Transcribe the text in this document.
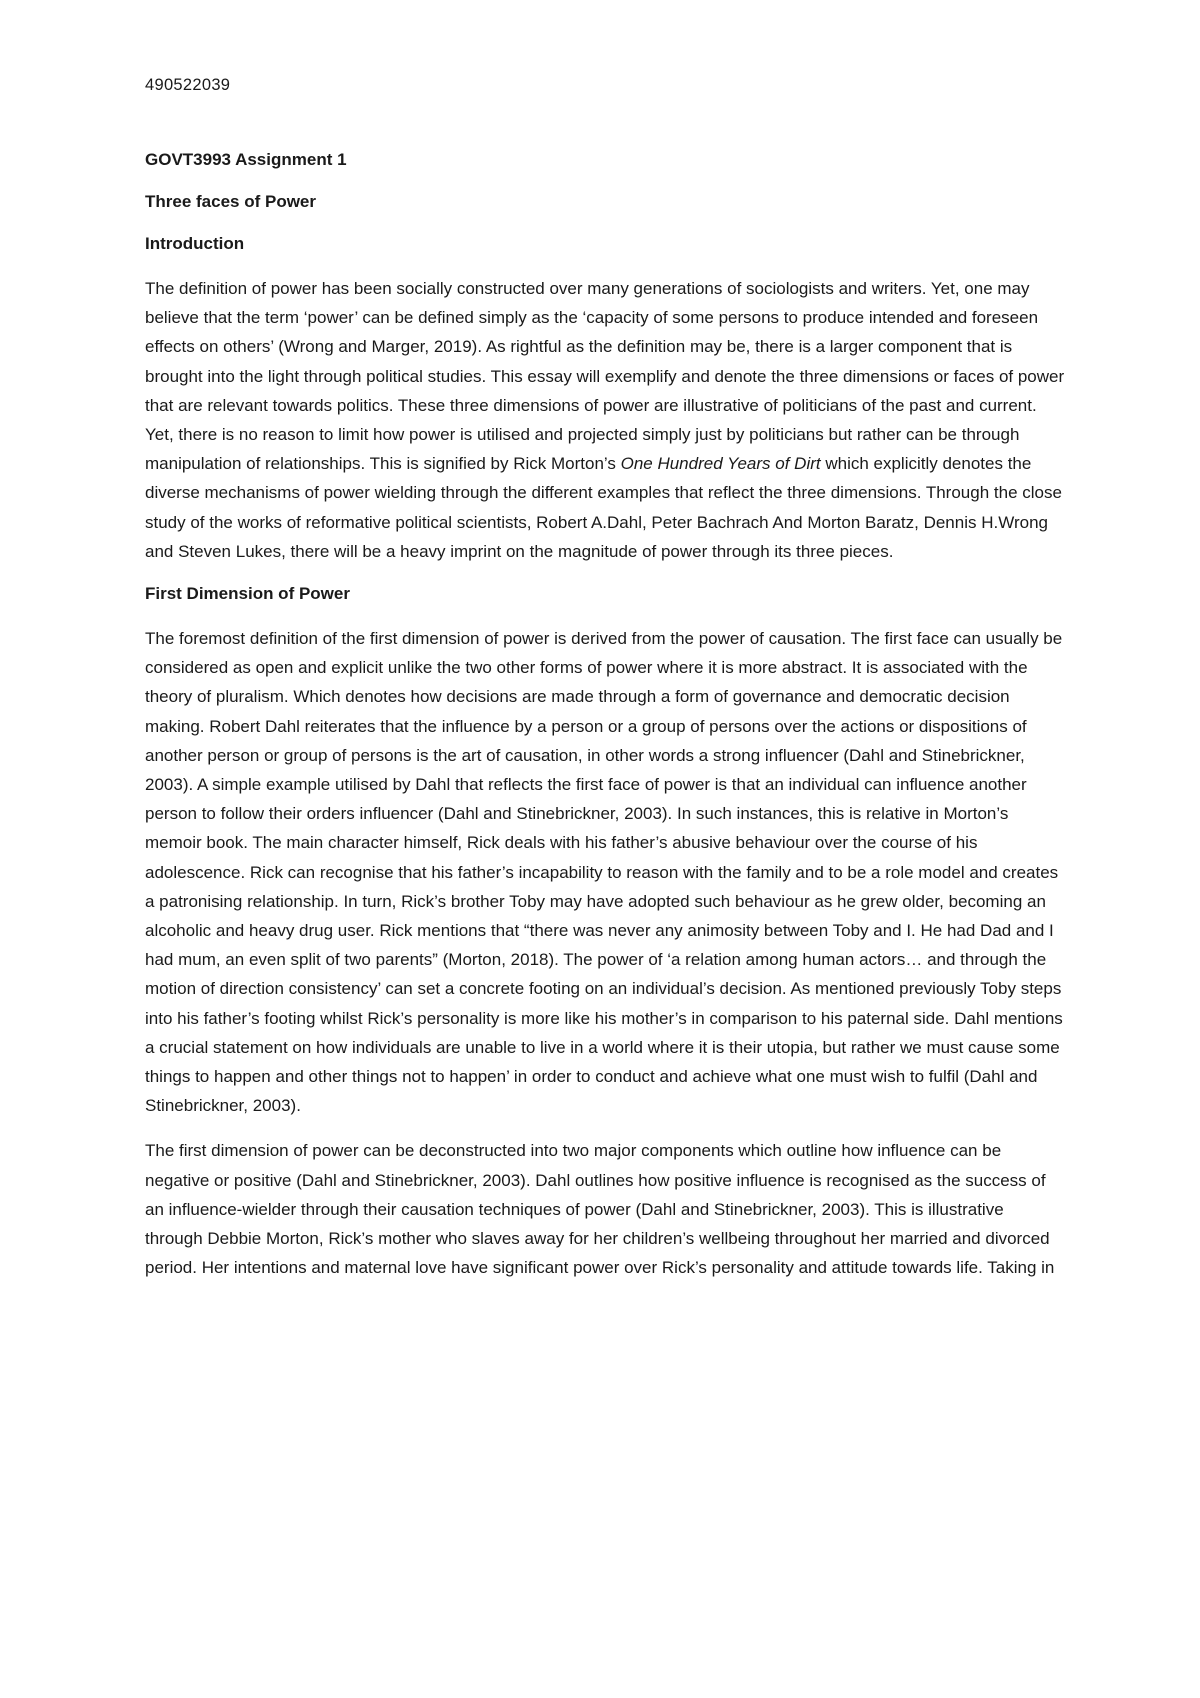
490522039
GOVT3993 Assignment 1
Three faces of Power
Introduction

The definition of power has been socially constructed over many generations of sociologists and writers. Yet, one may believe that the term ‘power’ can be defined simply as the ‘capacity of some persons to produce intended and foreseen effects on others’ (Wrong and Marger, 2019). As rightful as the definition may be, there is a larger component that is brought into the light through political studies. This essay will exemplify and denote the three dimensions or faces of power that are relevant towards politics. These three dimensions of power are illustrative of politicians of the past and current. Yet, there is no reason to limit how power is utilised and projected simply just by politicians but rather can be through manipulation of relationships. This is signified by Rick Morton’s One Hundred Years of Dirt which explicitly denotes the diverse mechanisms of power wielding through the different examples that reflect the three dimensions. Through the close study of the works of reformative political scientists, Robert A.Dahl, Peter Bachrach And Morton Baratz, Dennis H.Wrong and Steven Lukes, there will be a heavy imprint on the magnitude of power through its three pieces.

First Dimension of Power

The foremost definition of the first dimension of power is derived from the power of causation. The first face can usually be considered as open and explicit unlike the two other forms of power where it is more abstract. It is associated with the theory of pluralism. Which denotes how decisions are made through a form of governance and democratic decision making. Robert Dahl reiterates that the influence by a person or a group of persons over the actions or dispositions of another person or group of persons is the art of causation, in other words a strong influencer (Dahl and Stinebrickner, 2003). A simple example utilised by Dahl that reflects the first face of power is that an individual can influence another person to follow their orders influencer (Dahl and Stinebrickner, 2003). In such instances, this is relative in Morton’s memoir book. The main character himself, Rick deals with his father’s abusive behaviour over the course of his adolescence. Rick can recognise that his father’s incapability to reason with the family and to be a role model and creates a patronising relationship. In turn, Rick’s brother Toby may have adopted such behaviour as he grew older, becoming an alcoholic and heavy drug user. Rick mentions that “there was never any animosity between Toby and I. He had Dad and I had mum, an even split of two parents” (Morton, 2018). The power of ‘a relation among human actors… and through the motion of direction consistency’ can set a concrete footing on an individual’s decision. As mentioned previously Toby steps into his father’s footing whilst Rick’s personality is more like his mother’s in comparison to his paternal side. Dahl mentions a crucial statement on how individuals are unable to live in a world where it is their utopia, but rather we must cause some things to happen and other things not to happen’ in order to conduct and achieve what one must wish to fulfil (Dahl and Stinebrickner, 2003).

The first dimension of power can be deconstructed into two major components which outline how influence can be negative or positive (Dahl and Stinebrickner, 2003). Dahl outlines how positive influence is recognised as the success of an influence-wielder through their causation techniques of power (Dahl and Stinebrickner, 2003). This is illustrative through Debbie Morton, Rick’s mother who slaves away for her children’s wellbeing throughout her married and divorced period. Her intentions and maternal love have significant power over Rick’s personality and attitude towards life. Taking in
